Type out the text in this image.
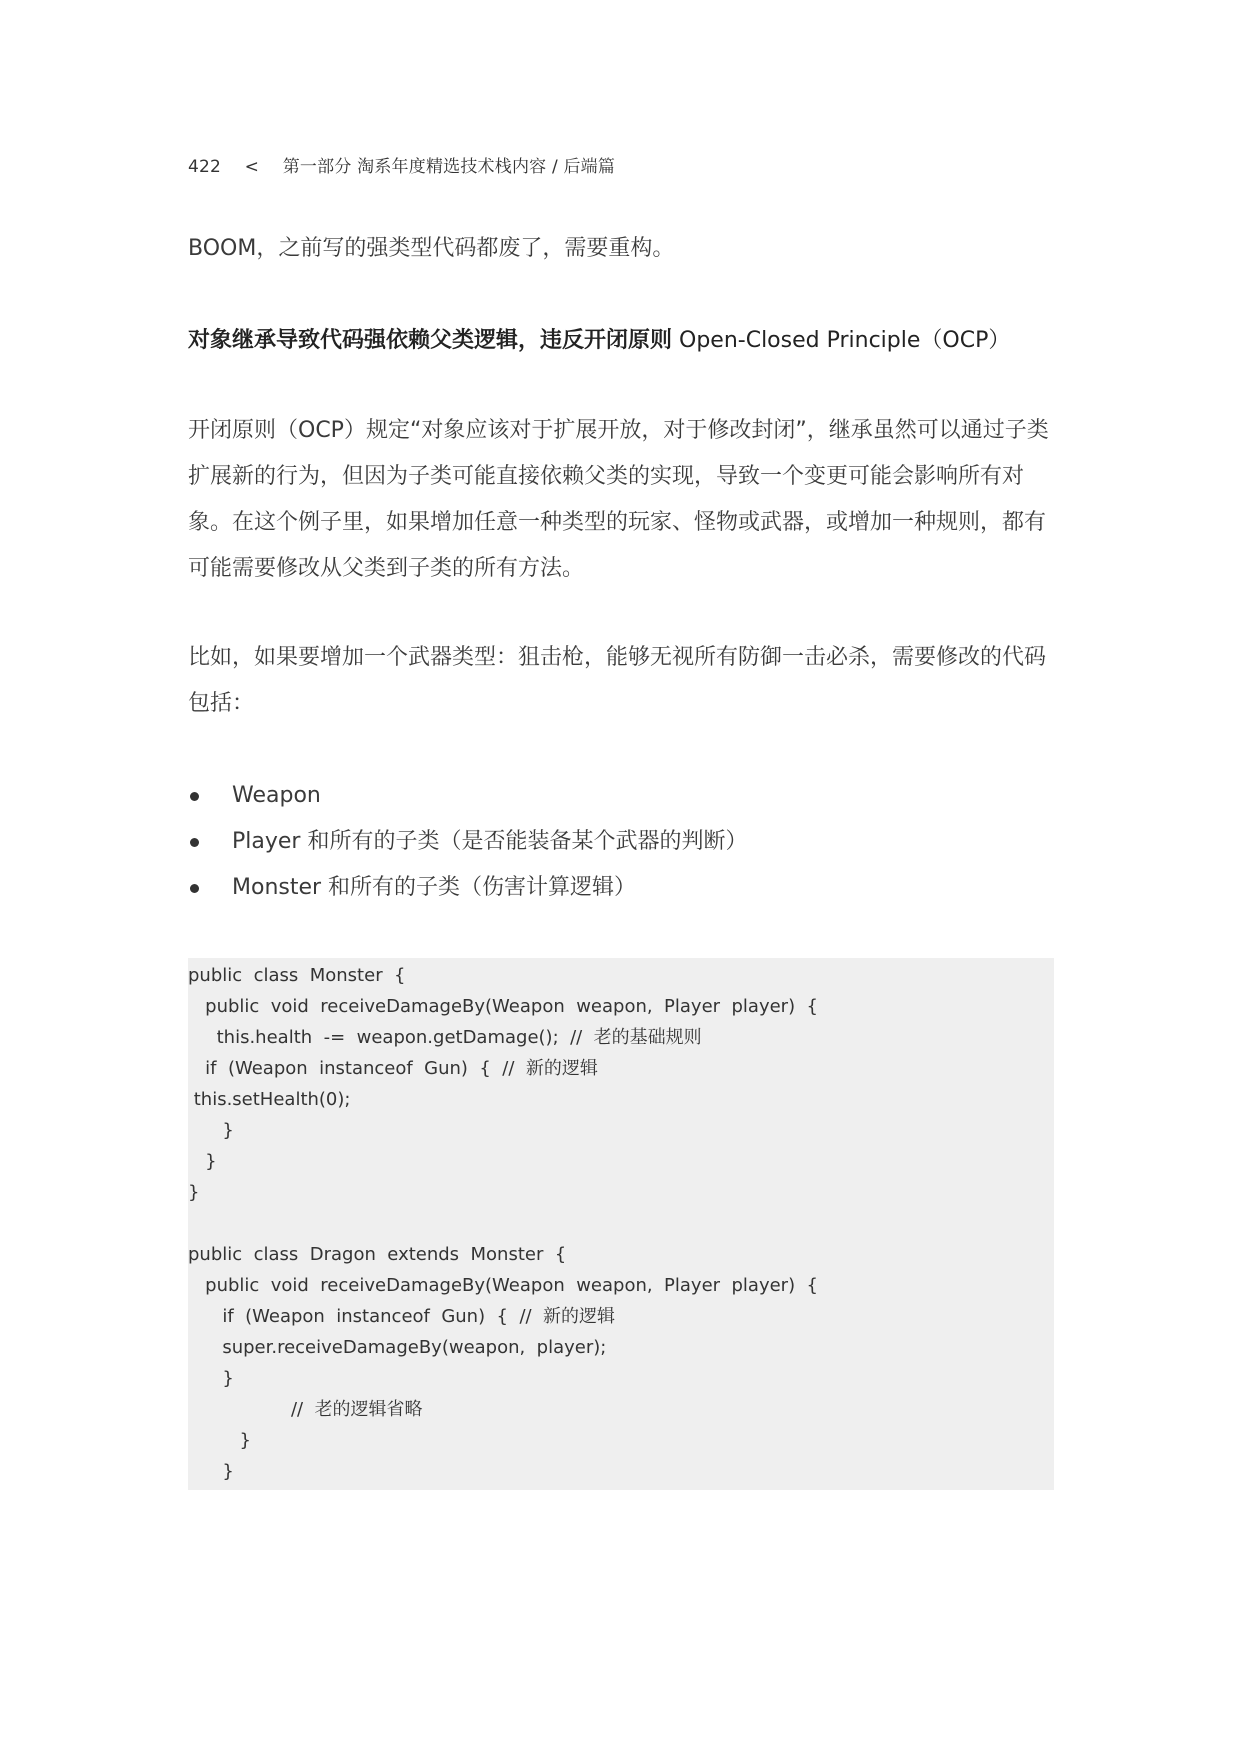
422 < 第一部分 淘系年度精选技术栈内容 / 后端篇

BOOM，之前写的强类型代码都废了，需要重构。

对象继承导致代码强依赖父类逻辑，违反开闭原则 Open-Closed Principle（OCP）

开闭原则（OCP）规定“对象应该对于扩展开放，对于修改封闭”，继承虽然可以通过子类扩展新的行为，但因为子类可能直接依赖父类的实现，导致一个变更可能会影响所有对象。在这个例子里，如果增加任意一种类型的玩家、怪物或武器，或增加一种规则，都有可能需要修改从父类到子类的所有方法。

比如，如果要增加一个武器类型：狙击枪，能够无视所有防御一击必杀，需要修改的代码包括：

Weapon
Player 和所有的子类（是否能装备某个武器的判断）
Monster 和所有的子类（伤害计算逻辑）
public  class  Monster  {
public  void  receiveDamageBy(Weapon  weapon,  Player  player)  {
this.health  -=  weapon.getDamage();  //  老的基础规则
if  (Weapon  instanceof  Gun)  {  //  新的逻辑
this.setHealth(0);
}
}
}
public  class  Dragon  extends  Monster  {
public  void  receiveDamageBy(Weapon  weapon,  Player  player)  {
if  (Weapon  instanceof  Gun)  {  //  新的逻辑
super.receiveDamageBy(weapon,  player);
}
//  老的逻辑省略
}
}
